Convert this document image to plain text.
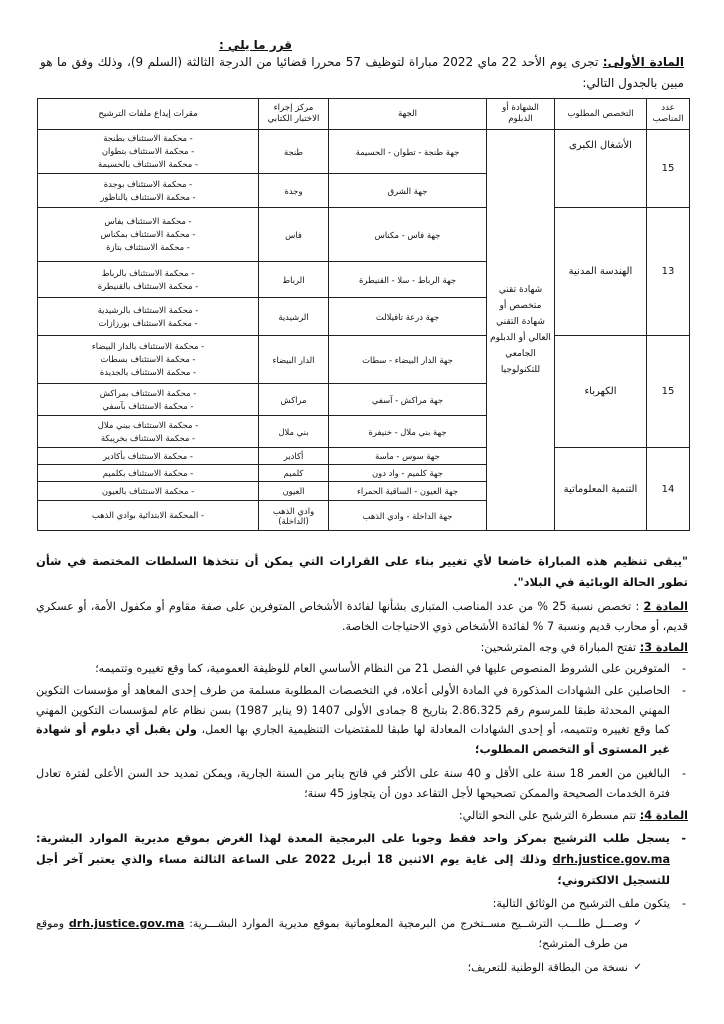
قرر ما يلي :
المادة الأولى: تجرى يوم الأحد 22 ماي 2022 مباراة لتوظيف 57 محررا قضائيا من الدرجة الثالثة (السلم 9)، وذلك وفق ما هو مبين بالجدول التالي:
عدد المناصب	التخصص المطلوب	الشهادة أو الدبلوم	الجهة	مركز إجراء الاختبار الكتابي	مقرات إيداع ملفات الترشيح
15	الأشغال الكبرى	شهادة تقني متخصص أو شهادة التقني العالي أو الدبلوم الجامعي للتكنولوجيا	جهة طنجة - تطوان - الحسيمة	طنجة	- محكمة الاستئناف بطنجة
- محكمة الاستئناف بتطوان
- محكمة الاستئناف بالحسيمة

			جهة الشرق	وجدة	- محكمة الاستئناف بوجدة
- محكمة الاستئناف بالناظور

13	الهندسة المدنية		جهة فاس - مكناس	فاس	- محكمة الاستئناف بفاس
- محكمة الاستئناف بمكناس
- محكمة الاستئناف بتازة

			جهة الرباط - سلا - القنيطرة	الرباط	- محكمة الاستئناف بالرباط
- محكمة الاستئناف بالقنيطرة

			جهة درعة تافيلالت	الرشيدية	- محكمة الاستئناف بالرشيدية
- محكمة الاستئناف بورزازات

15	الكهرباء		جهة الدار البيضاء - سطات	الدار البيضاء	- محكمة الاستئناف بالدار البيضاء
- محكمة الاستئناف بسطات
- محكمة الاستئناف بالجديدة

			جهة مراكش - آسفي	مراكش	- محكمة الاستئناف بمراكش
- محكمة الاستئناف بآسفي

			جهة بني ملال - خنيفرة	بني ملال	- محكمة الاستئناف ببني ملال
- محكمة الاستئناف بخريبكة

14	التنمية المعلوماتية		جهة سوس - ماسة	أكادير	- محكمة الاستئناف بأكادير

			جهة كلميم - واد دون	كلميم	- محكمة الاستئناف بكلميم

			جهة العيون - الساقية الحمراء	العيون	- محكمة الاستئناف بالعيون

			جهة الداخلة - وادي الذهب	وادي الذهب (الداخلة)	- المحكمة الابتدائية بوادي الذهب
"يبقى تنظيم هذه المباراة خاضعا لأي تغيير بناء على القرارات التي يمكن أن تتخذها السلطات المختصة في شأن تطور الحالة الوبائية في البلاد".
المادة 2 : تخصص نسبة 25 % من عدد المناصب المتبارى بشأنها لفائدة الأشخاص المتوفرين على صفة مقاوم أو مكفول الأمة، أو عسكري قديم، أو محارب قديم ونسبة 7 % لفائدة الأشخاص ذوي الاحتياجات الخاصة.
المادة 3: تفتح المباراة في وجه المترشحين:
-
المتوفرين على الشروط المنصوص عليها في الفصل 21 من النظام الأساسي العام للوظيفة العمومية، كما وقع تغييره وتتميمه؛
-
الحاصلين على الشهادات المذكورة في المادة الأولى أعلاه، في التخصصات المطلوبة مسلمة من طرف إحدى المعاهد أو مؤسسات التكوين المهني المحدثة طبقا للمرسوم رقم 2.86.325 بتاريخ 8 جمادى الأولى 1407 (9 يناير 1987) بسن نظام عام لمؤسسات التكوين المهني كما وقع تغييره وتتميمه، أو إحدى الشهادات المعادلة لها طبقا للمقتضيات التنظيمية الجاري بها العمل، ولن يقبل أي دبلوم أو شهادة غير المستوى أو التخصص المطلوب؛
-
البالغين من العمر 18 سنة على الأقل و 40 سنة على الأكثر في فاتح يناير من السنة الجارية، ويمكن تمديد حد السن الأعلى لفترة تعادل فترة الخدمات الصحيحة والممكن تصحيحها لأجل التقاعد دون أن يتجاوز 45 سنة؛
المادة 4: تتم مسطرة الترشيح على النحو التالي:
-
يسجل طلب الترشيح بمركز واحد فقط وجوبا على البرمجية المعدة لهذا الغرض بموقع مديرية الموارد البشرية: drh.justice.gov.ma وذلك إلى غاية يوم الاثنين 18 أبريل 2022 على الساعة الثالثة مساء والذي يعتبر آخر أجل للتسجيل الالكتروني؛
-
يتكون ملف الترشيح من الوثائق التالية:
✓
وصـــل طلـــب الترشــيح مســتخرج من البرمجية المعلوماتية بموقع مديرية الموارد البشـــرية: drh.justice.gov.ma وموقع من طرف المترشح؛
✓
نسخة من البطاقة الوطنية للتعريف؛
